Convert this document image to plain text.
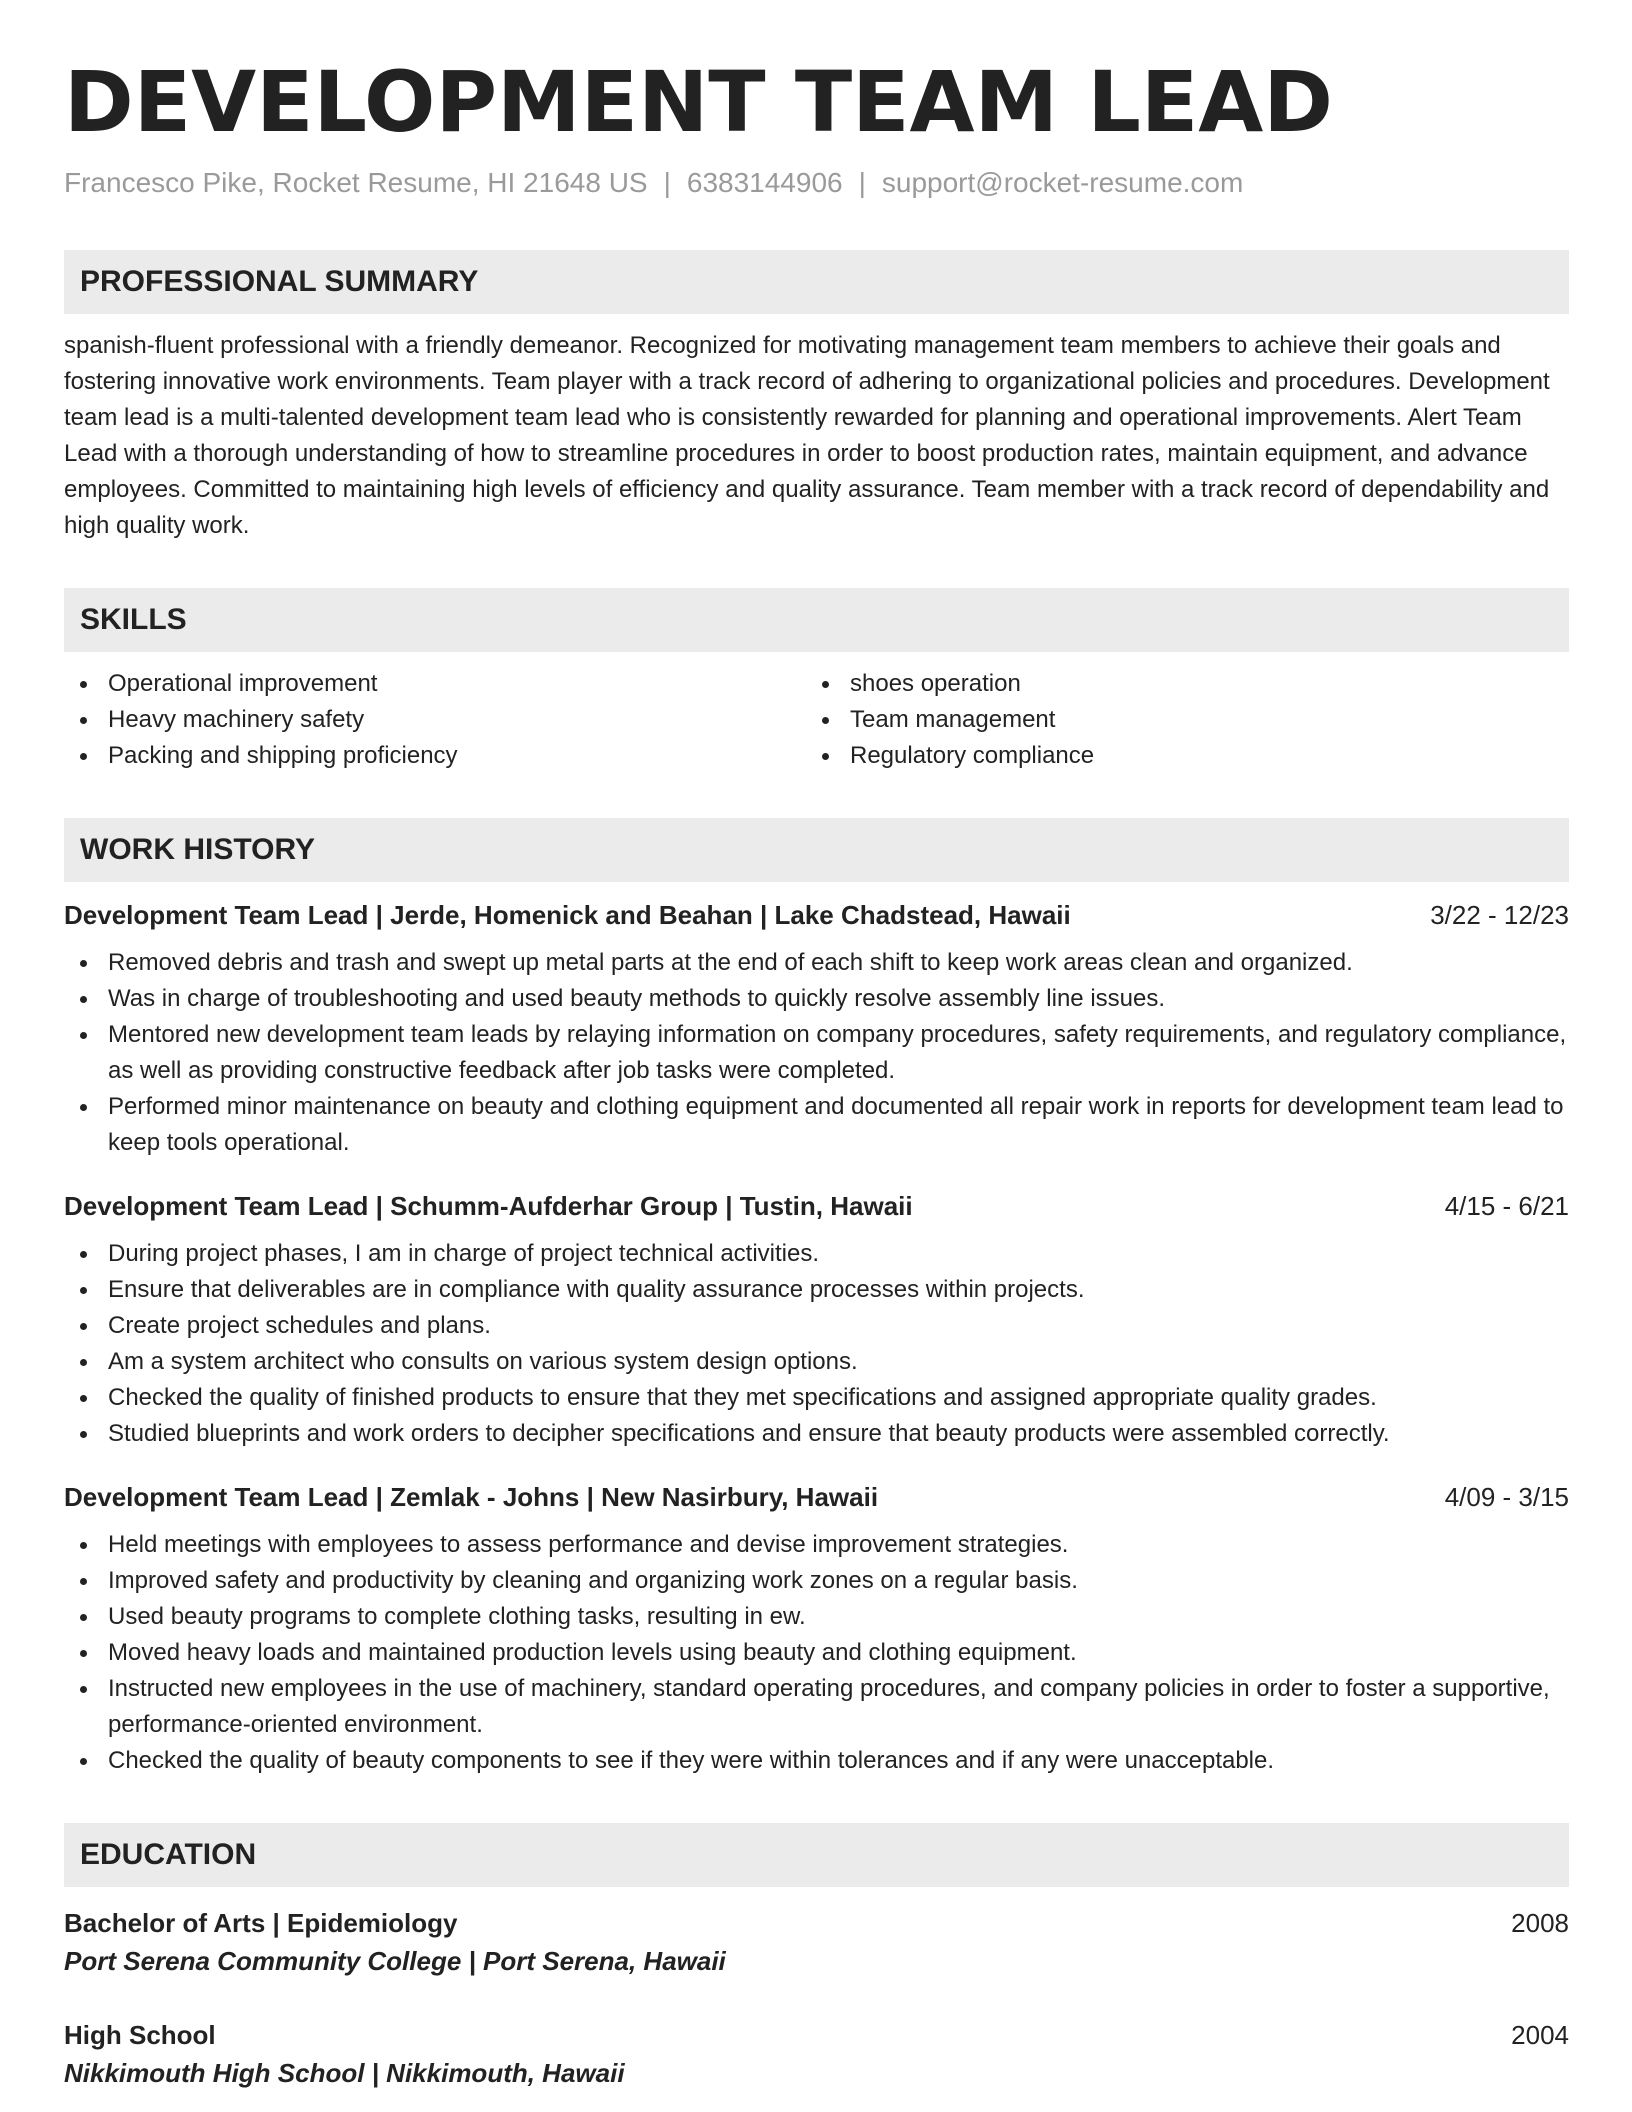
DEVELOPMENT TEAM LEAD
Francesco Pike, Rocket Resume, HI 21648 US | 6383144906 | support@rocket-resume.com
PROFESSIONAL SUMMARY

spanish-fluent professional with a friendly demeanor. Recognized for motivating management team members to achieve their goals and fostering innovative work environments. Team player with a track record of adhering to organizational policies and procedures. Development team lead is a multi-talented development team lead who is consistently rewarded for planning and operational improvements. Alert Team Lead with a thorough understanding of how to streamline procedures in order to boost production rates, maintain equipment, and advance employees. Committed to maintaining high levels of efficiency and quality assurance. Team member with a track record of dependability and high quality work.

SKILLS
Operational improvement
Heavy machinery safety
Packing and shipping proficiency
shoes operation
Team management
Regulatory compliance
WORK HISTORY
Development Team Lead | Jerde, Homenick and Beahan | Lake Chadstead, Hawaii	3/22 - 12/23
Removed debris and trash and swept up metal parts at the end of each shift to keep work areas clean and organized.
Was in charge of troubleshooting and used beauty methods to quickly resolve assembly line issues.
Mentored new development team leads by relaying information on company procedures, safety requirements, and regulatory compliance, as well as providing constructive feedback after job tasks were completed.
Performed minor maintenance on beauty and clothing equipment and documented all repair work in reports for development team lead to keep tools operational.
Development Team Lead | Schumm-Aufderhar Group | Tustin, Hawaii	4/15 - 6/21
During project phases, I am in charge of project technical activities.
Ensure that deliverables are in compliance with quality assurance processes within projects.
Create project schedules and plans.
Am a system architect who consults on various system design options.
Checked the quality of finished products to ensure that they met specifications and assigned appropriate quality grades.
Studied blueprints and work orders to decipher specifications and ensure that beauty products were assembled correctly.
Development Team Lead | Zemlak - Johns | New Nasirbury, Hawaii	4/09 - 3/15
Held meetings with employees to assess performance and devise improvement strategies.
Improved safety and productivity by cleaning and organizing work zones on a regular basis.
Used beauty programs to complete clothing tasks, resulting in ew.
Moved heavy loads and maintained production levels using beauty and clothing equipment.
Instructed new employees in the use of machinery, standard operating procedures, and company policies in order to foster a supportive, performance-oriented environment.
Checked the quality of beauty components to see if they were within tolerances and if any were unacceptable.
EDUCATION
Bachelor of Arts | Epidemiology	2008
Port Serena Community College | Port Serena, Hawaii
High School	2004
Nikkimouth High School | Nikkimouth, Hawaii
